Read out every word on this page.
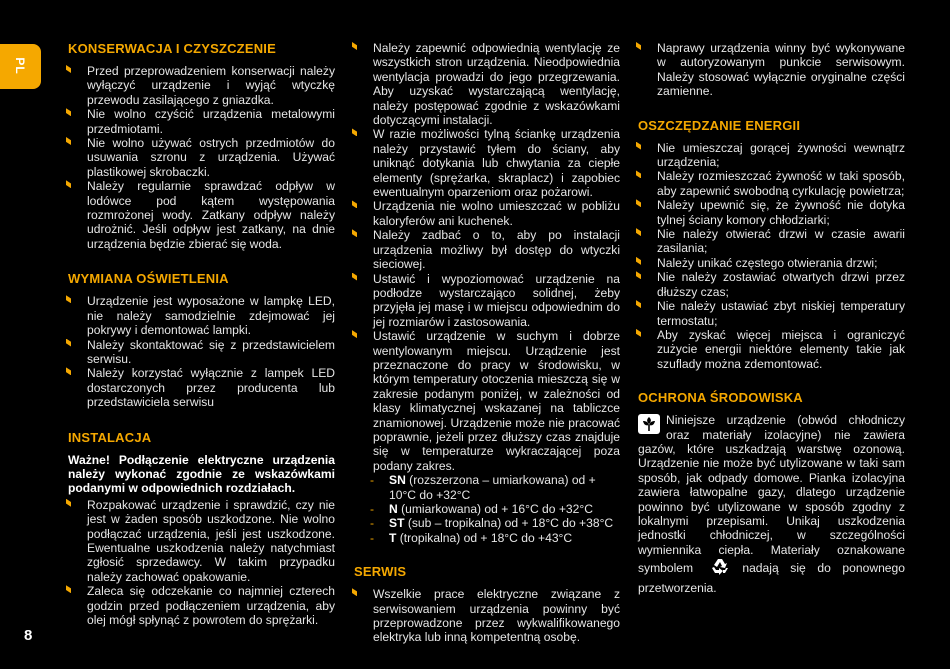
PL
KONSERWACJA I CZYSZCZENIE
Przed przeprowadzeniem konserwacji należy wyłączyć urządzenie i wyjąć wtyczkę przewodu zasilającego z gniazdka.
Nie wolno czyścić urządzenia metalowymi przedmiotami.
Nie wolno używać ostrych przedmiotów do usuwania szronu z urządzenia. Używać plastikowej skrobaczki.
Należy regularnie sprawdzać odpływ w lodówce pod kątem występowania rozmrożonej wody. Zatkany odpływ należy udrożnić. Jeśli odpływ jest zatkany, na dnie urządzenia będzie zbierać się woda.
WYMIANA OŚWIETLENIA
Urządzenie jest wyposażone w lampkę LED, nie należy samodzielnie zdejmować jej pokrywy i demontować lampki.
Należy skontaktować się z przedstawicielem serwisu.
Należy korzystać wyłącznie z lampek LED dostarczonych przez producenta lub przedstawiciela serwisu
INSTALACJA

Ważne! Podłączenie elektryczne urządzenia należy wykonać zgodnie ze wskazówkami podanymi w odpowiednich rozdziałach.

Rozpakować urządzenie i sprawdzić, czy nie jest w żaden sposób uszkodzone. Nie wolno podłączać urządzenia, jeśli jest uszkodzone. Ewentualne uszkodzenia należy natychmiast zgłosić sprzedawcy. W takim przypadku należy zachować opakowanie.
Zaleca się odczekanie co najmniej czterech godzin przed podłączeniem urządzenia, aby olej mógł spłynąć z powrotem do sprężarki.
Należy zapewnić odpowiednią wentylację ze wszystkich stron urządzenia. Nieodpowiednia wentylacja prowadzi do jego przegrzewania. Aby uzyskać wystarczającą wentylację, należy postępować zgodnie z wskazówkami dotyczącymi instalacji.
W razie możliwości tylną ściankę urządzenia należy przystawić tyłem do ściany, aby uniknąć dotykania lub chwytania za ciepłe elementy (sprężarka, skraplacz) i zapobiec ewentualnym oparzeniom oraz pożarowi.
Urządzenia nie wolno umieszczać w pobliżu kaloryferów ani kuchenek.
Należy zadbać o to, aby po instalacji urządzenia możliwy był dostęp do wtyczki sieciowej.
Ustawić i wypoziomować urządzenie na podłodze wystarczająco solidnej, żeby przyjęła jej masę i w miejscu odpowiednim do jej rozmiarów i zastosowania.
Ustawić urządzenie w suchym i dobrze wentylowanym miejscu. Urządzenie jest przeznaczone do pracy w środowisku, w którym temperatury otoczenia mieszczą się w zakresie podanym poniżej, w zależności od klasy klimatycznej wskazanej na tabliczce znamionowej. Urządzenie może nie pracować poprawnie, jeżeli przez dłuższy czas znajduje się w temperaturze wykraczającej poza podany zakres.
- SN (rozszerzona – umiarkowana) od + 10°C do +32°C
- N (umiarkowana) od + 16°C do +32°C
- ST (sub – tropikalna) od + 18°C do +38°C
- T (tropikalna) od + 18°C do +43°C
SERWIS
Wszelkie prace elektryczne związane z serwisowaniem urządzenia powinny być przeprowadzone przez wykwalifikowanego elektryka lub inną kompetentną osobę.
Naprawy urządzenia winny być wykonywane w autoryzowanym punkcie serwisowym. Należy stosować wyłącznie oryginalne części zamienne.
OSZCZĘDZANIE ENERGII
Nie umieszczaj gorącej żywności wewnątrz urządzenia;
Należy rozmieszczać żywność w taki sposób, aby zapewnić swobodną cyrkulację powietrza;
Należy upewnić się, że żywność nie dotyka tylnej ściany komory chłodziarki;
Nie należy otwierać drzwi w czasie awarii zasilania;
Należy unikać częstego otwierania drzwi;
Nie należy zostawiać otwartych drzwi przez dłuższy czas;
Nie należy ustawiać zbyt niskiej temperatury termostatu;
Aby zyskać więcej miejsca i ograniczyć zużycie energii niektóre elementy takie jak szuflady można zdemontować.
OCHRONA ŚRODOWISKA
Niniejsze urządzenie (obwód chłodniczy oraz materiały izolacyjne) nie zawiera gazów, które uszkadzają warstwę ozonową. Urządzenie nie może być utylizowane w taki sam sposób, jak odpady domowe. Pianka izolacyjna zawiera łatwopalne gazy, dlatego urządzenie powinno być utylizowane w sposób zgodny z lokalnymi przepisami. Unikaj uszkodzenia jednostki chłodniczej, w szczególności wymiennika ciepła. Materiały oznakowane symbolem	nadają się do ponownego przetworzenia.
8
